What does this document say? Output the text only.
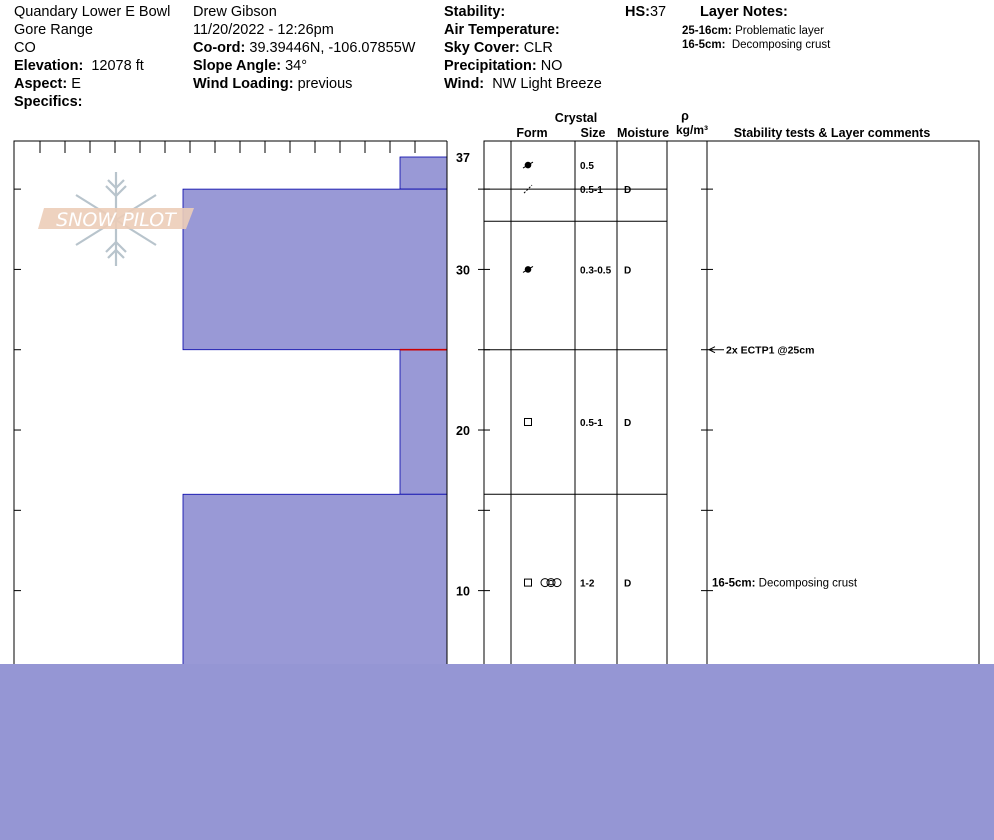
Quandary Lower E Bowl
Gore Range
CO
Elevation: 12078 ft
Aspect: E
Specifics:
Drew Gibson
11/20/2022 - 12:26pm
Co-ord: 39.39446N, -106.07855W
Slope Angle: 34°
Wind Loading: previous
Stability:
Air Temperature:
Sky Cover: CLR
Precipitation: NO
Wind: NW Light Breeze
HS:37 Layer Notes:
25-16cm: Problematic layer
16-5cm: Decomposing crust
37
30
20
10
0.5
0.5-1 D
0.3-0.5 D
0.5-1 D
1-2	D
2x ECTP1 @25cm
16-5cm: Decomposing crust
Crystal
Form	Size Moisture
ρ
kg/m³ Stability tests & Layer comments
SNOW PILOT
